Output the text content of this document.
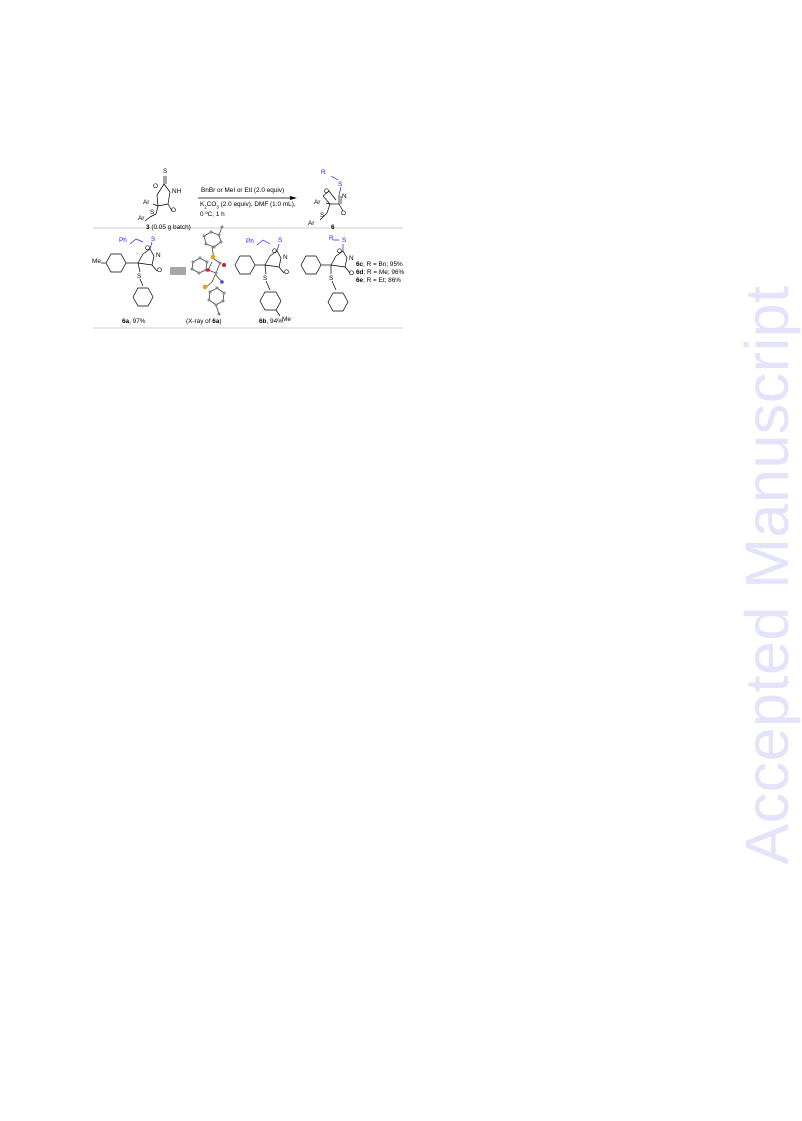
Accepted Manuscript
S
O
NH
O
Ar
S
Ar
3 (0.05 g batch)
BnBr or MeI or EtI (2.0 equiv)
$K_2CO_3$ (2.0 equiv), DMF (1.0 mL),
0 ºC, 1 h
R
S
O
N
O
Ar
S
Ar
6
Me
Ph	S
O
N
O
S
6a, 97%	(X-ray of 6a)
Ph	S
O
N
O
S
Me
6b, 94%
R S
O
N
O
S
6c; R = Bn; 95%
6d; R = Me; 96%
6e; R = Et; 86%
